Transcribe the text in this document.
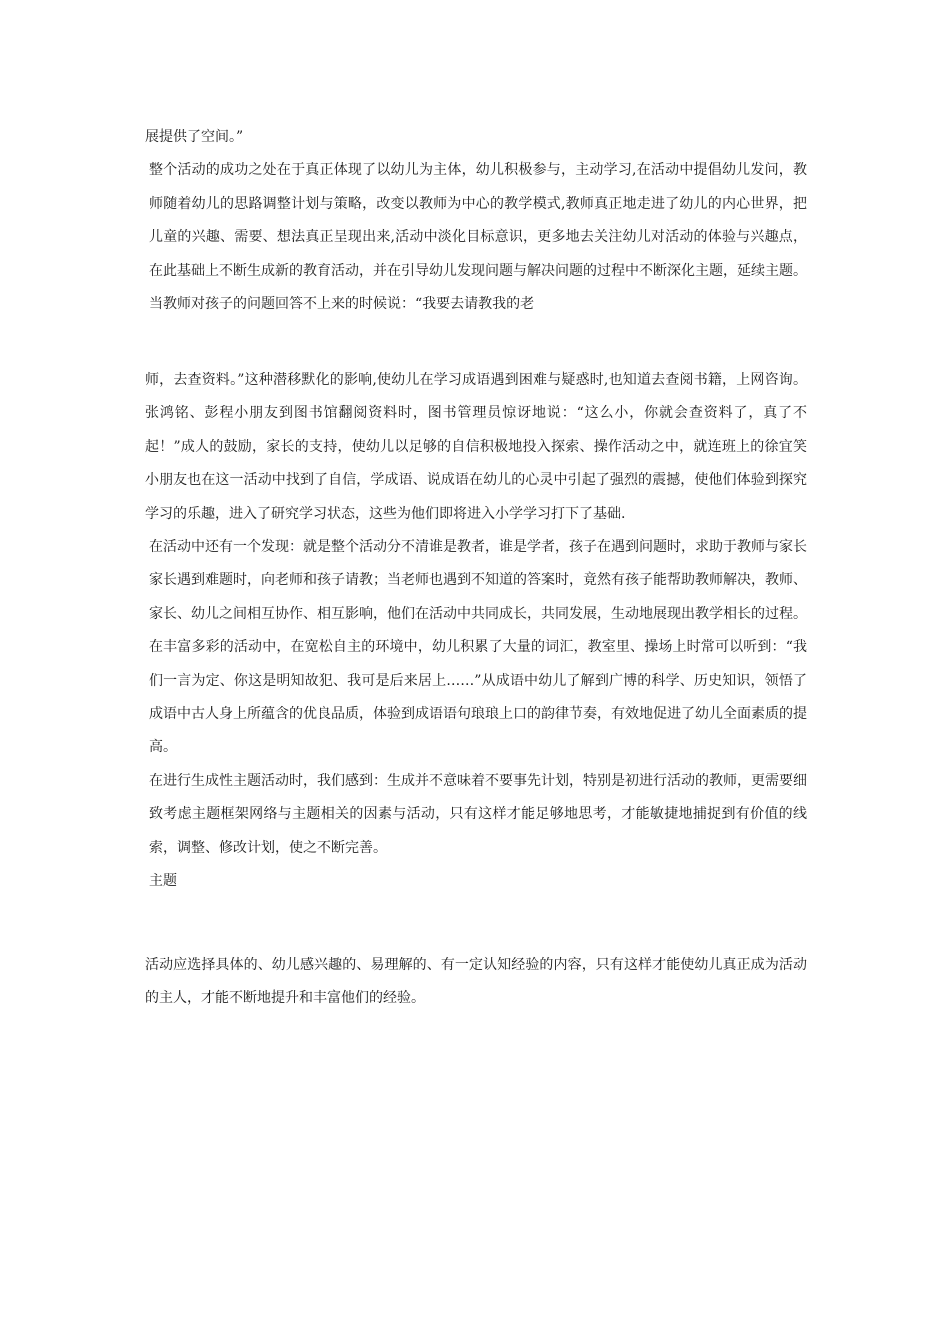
展提供了空间。”

整个活动的成功之处在于真正体现了以幼儿为主体，幼儿积极参与，主动学习,在活动中提倡幼儿发问，教师随着幼儿的思路调整计划与策略，改变以教师为中心的教学模式,教师真正地走进了幼儿的内心世界，把儿童的兴趣、需要、想法真正呈现出来,活动中淡化目标意识，更多地去关注幼儿对活动的体验与兴趣点，在此基础上不断生成新的教育活动，并在引导幼儿发现问题与解决问题的过程中不断深化主题，延续主题。

当教师对孩子的问题回答不上来的时候说：“我要去请教我的老

师，去查资料。”这种潜移默化的影响,使幼儿在学习成语遇到困难与疑惑时,也知道去查阅书籍，上网咨询。张鸿铭、彭程小朋友到图书馆翻阅资料时，图书管理员惊讶地说：“这么小，你就会查资料了，真了不起！”成人的鼓励，家长的支持，使幼儿以足够的自信积极地投入探索、操作活动之中，就连班上的徐宜笑小朋友也在这一活动中找到了自信，学成语、说成语在幼儿的心灵中引起了强烈的震撼，使他们体验到探究学习的乐趣，进入了研究学习状态，这些为他们即将进入小学学习打下了基础.

在活动中还有一个发现：就是整个活动分不清谁是教者，谁是学者，孩子在遇到问题时，求助于教师与家长家长遇到难题时，向老师和孩子请教；当老师也遇到不知道的答案时，竟然有孩子能帮助教师解决，教师、家长、幼儿之间相互协作、相互影响，他们在活动中共同成长，共同发展，生动地展现出教学相长的过程。

在丰富多彩的活动中，在宽松自主的环境中，幼儿积累了大量的词汇，教室里、操场上时常可以听到：“我们一言为定、你这是明知故犯、我可是后来居上……”从成语中幼儿了解到广博的科学、历史知识，领悟了成语中古人身上所蕴含的优良品质，体验到成语语句琅琅上口的韵律节奏，有效地促进了幼儿全面素质的提高。

在进行生成性主题活动时，我们感到：生成并不意味着不要事先计划，特别是初进行活动的教师，更需要细致考虑主题框架网络与主题相关的因素与活动，只有这样才能足够地思考，才能敏捷地捕捉到有价值的线索，调整、修改计划，使之不断完善。

主题

活动应选择具体的、幼儿感兴趣的、易理解的、有一定认知经验的内容，只有这样才能使幼儿真正成为活动的主人，才能不断地提升和丰富他们的经验。
